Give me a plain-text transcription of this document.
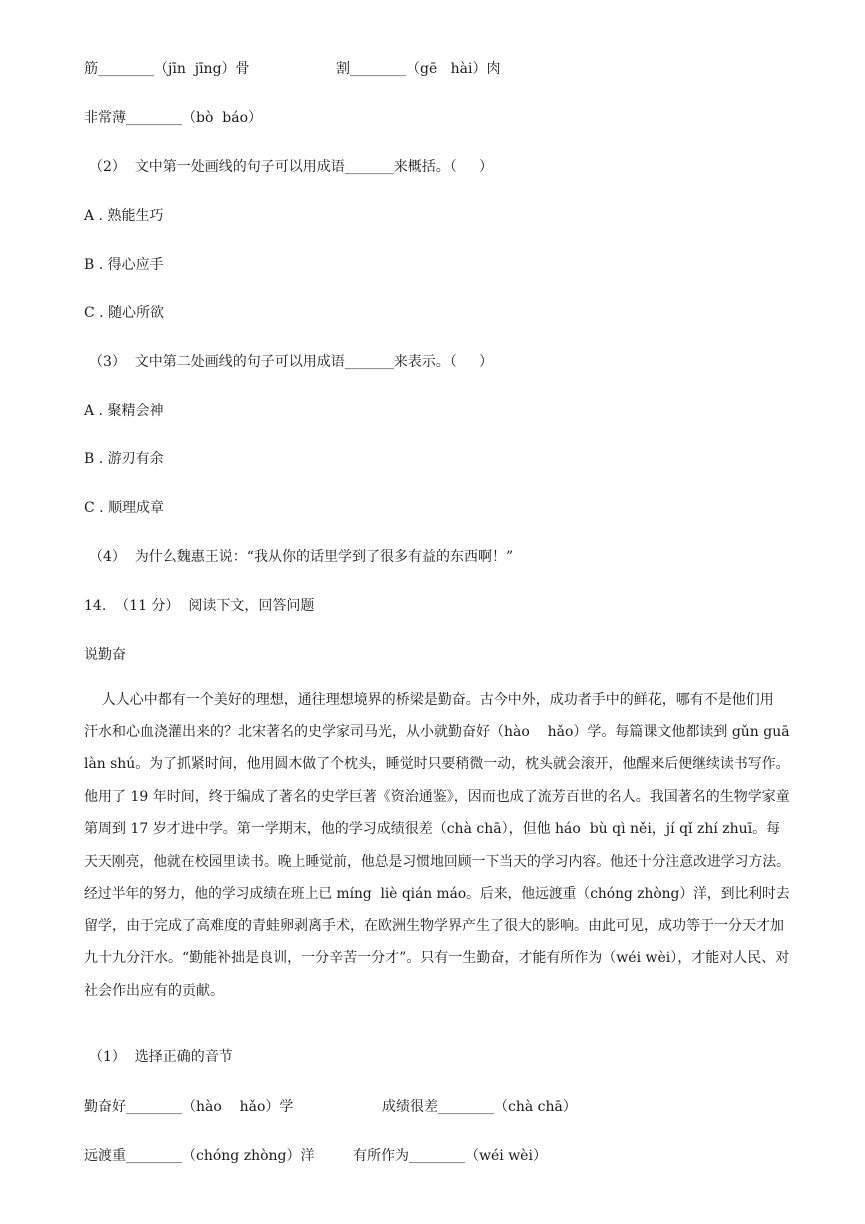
筋________（jīn  jīng）骨	割________（gē   hài）肉
非常薄________（bò  báo）
（2）  文中第一处画线的句子可以用成语_______来概括。（     ）
A . 熟能生巧
B . 得心应手
C . 随心所欲
（3）  文中第二处画线的句子可以用成语_______来表示。（     ）
A . 聚精会神
B . 游刃有余
C . 顺理成章
（4）  为什么魏惠王说：“我从你的话里学到了很多有益的东西啊！”
14.  （11 分）  阅读下文，回答问题
说勤奋
人人心中都有一个美好的理想，通往理想境界的桥梁是勤奋。古今中外，成功者手中的鲜花，哪有不是他们用
汗水和心血浇灌出来的？北宋著名的史学家司马光，从小就勤奋好（hào    hǎo）学。每篇课文他都读到 gǔn guā
làn shú。为了抓紧时间，他用圆木做了个枕头，睡觉时只要稍微一动，枕头就会滚开，他醒来后便继续读书写作。
他用了 19 年时间，终于编成了著名的史学巨著《资治通鉴》，因而也成了流芳百世的名人。我国著名的生物学家童
第周到 17 岁才进中学。第一学期末，他的学习成绩很差（chà chā），但他 háo  bù qì něi，jí qǐ zhí zhuī。每
天天刚亮，他就在校园里读书。晚上睡觉前，他总是习惯地回顾一下当天的学习内容。他还十分注意改进学习方法。
经过半年的努力，他的学习成绩在班上已 míng  liè qián máo。后来，他远渡重（chóng zhòng）洋，到比利时去
留学，由于完成了高难度的青蛙卵剥离手术，在欧洲生物学界产生了很大的影响。由此可见，成功等于一分天才加
九十九分汗水。“勤能补拙是良训，一分辛苦一分才”。只有一生勤奋，才能有所作为（wéi wèi），才能对人民、对
社会作出应有的贡献。
（1）  选择正确的音节
勤奋好________（hào    hǎo）学	成绩很差________（chà chā）
远渡重________（chóng zhòng）洋	有所作为________（wéi wèi）
